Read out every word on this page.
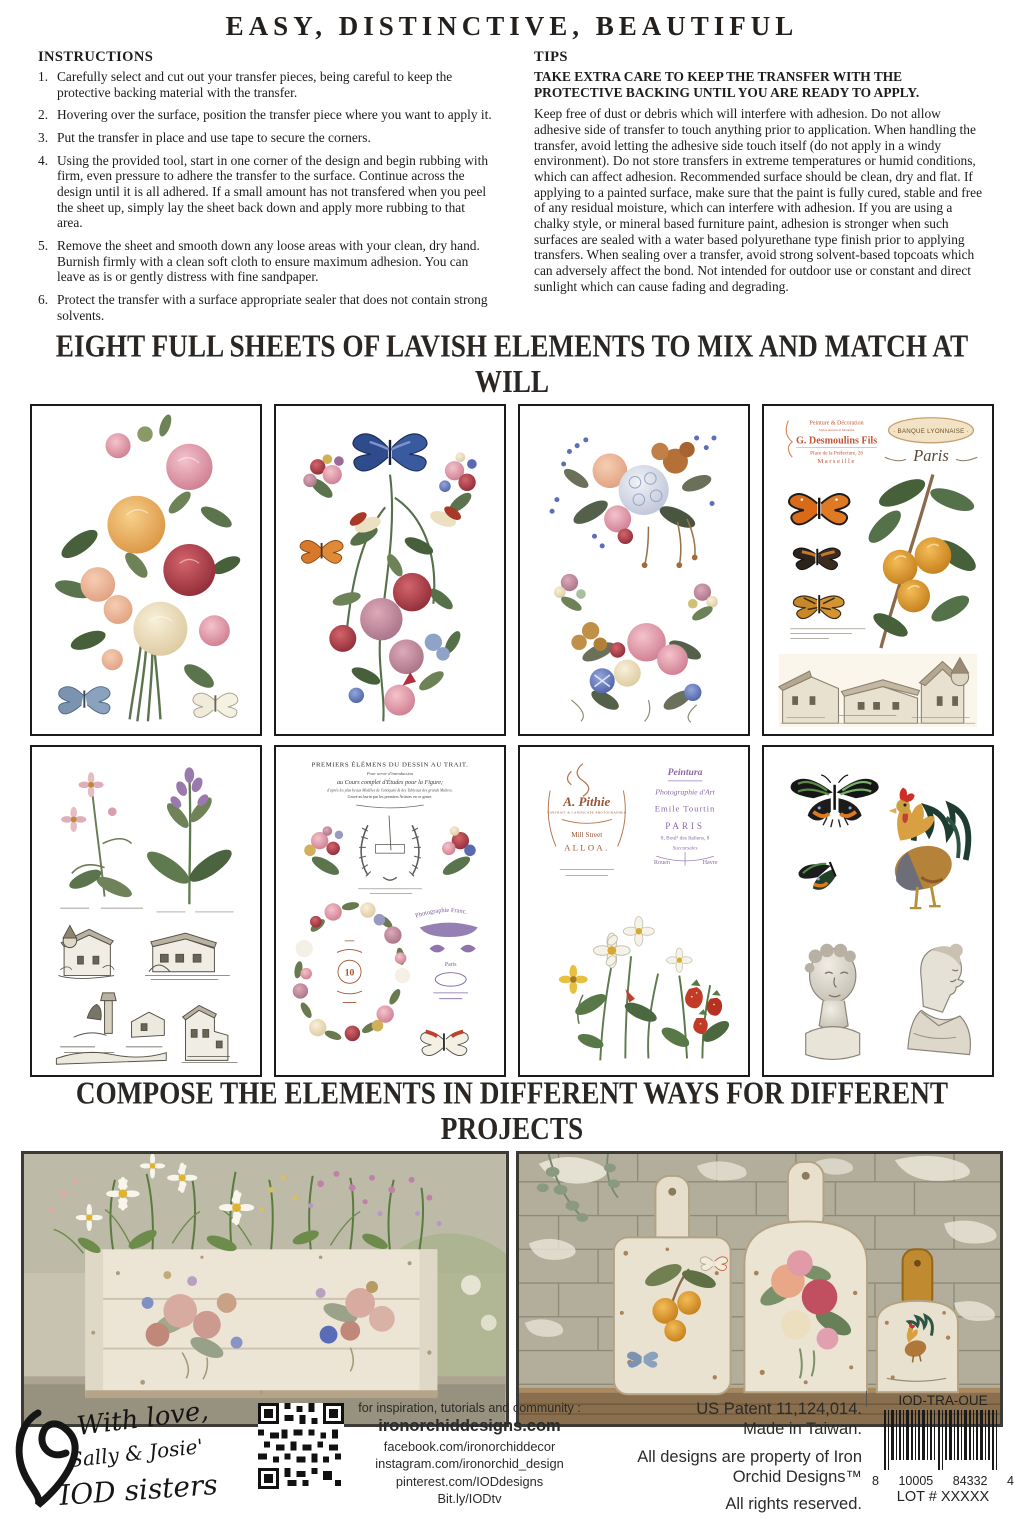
EASY, DISTINCTIVE, BEAUTIFUL
INSTRUCTIONS
Carefully select and cut out your transfer pieces, being careful to keep the protective backing material with the transfer.
Hovering over the surface, position the transfer piece where you want to apply it.
Put the transfer in place and use tape to secure the corners.
Using the provided tool, start in one corner of the design and begin rubbing with firm, even pressure to adhere the transfer to the surface. Continue across the design until it is all adhered. If a small amount has not transfered when you peel the sheet up, simply lay the sheet back down and apply more rubbing to that area.
Remove the sheet and smooth down any loose areas with your clean, dry hand. Burnish firmly with a clean soft cloth to ensure maximum adhesion. You can leave as is or gently distress with fine sandpaper.
Protect the transfer with a surface appropriate sealer that does not contain strong solvents.
TIPS

TAKE EXTRA CARE TO KEEP THE TRANSFER WITH THE PROTECTIVE BACKING UNTIL YOU ARE READY TO APPLY.

Keep free of dust or debris which will interfere with adhesion. Do not allow adhesive side of transfer to touch anything prior to application. When handling the transfer, avoid letting the adhesive side touch itself (do not apply in a windy environment). Do not store transfers in extreme temperatures or humid conditions, which can affect adhesion. Recommended surface should be clean, dry and flat. If applying to a painted surface, make sure that the paint is fully cured, stable and free of any residual moisture, which can interfere with adhesion. If you are using a chalky style, or mineral based furniture paint, adhesion is stronger when such surfaces are sealed with a water based polyurethane type finish prior to applying transfers. When sealing over a transfer, avoid strong solvent-based topcoats which can adversely affect the bond. Not intended for outdoor use or constant and direct sunlight which can cause fading and degrading.

EIGHT FULL SHEETS OF LAVISH ELEMENTS TO MIX AND MATCH AT WILL
Peinture & Décoration
Styles Ancien et Moderne
G. Desmoulins Fils
Place de la Préfecture, 26
Marseille
· BANQUE LYONNAISE ·
Paris
PREMIERS ÉLÉMENS DU DESSIN AU TRAIT.
Pour servir d'introduction
au Cours complet d'Études pour la Figure;
d'après les plus beaux Modèles de l'antiquité & des Tableaux des grands Maîtres.
Gravé au burin par les premiers Artistes en ce genre.
10
Photographie Franc.
Paris
A. Pithie
PORTRAIT & LANDSCAPE PHOTOGRAPHER
Mill Street
ALLOA.
Peintura
Photographie d'Art
Emile Tourtin
PARIS
8, Boulᵈ des Italiens, 8
Succursales
Rouen	Havre
COMPOSE THE ELEMENTS IN DIFFERENT WAYS FOR DIFFERENT PROJECTS
With love,
Sally & Josie'
IOD sisters
for inspiration, tutorials and community :
ironorchiddesigns.com
facebook.com/ironorchiddecor
instagram.com/ironorchid_design
pinterest.com/IODdesigns
Bit.ly/IODtv
US Patent 11,124,014.
Made in Taiwan.
All designs are property of Iron Orchid Designs™
All rights reserved.
IOD-TRA-OUE
8 10005 84332 4
LOT # XXXXX
